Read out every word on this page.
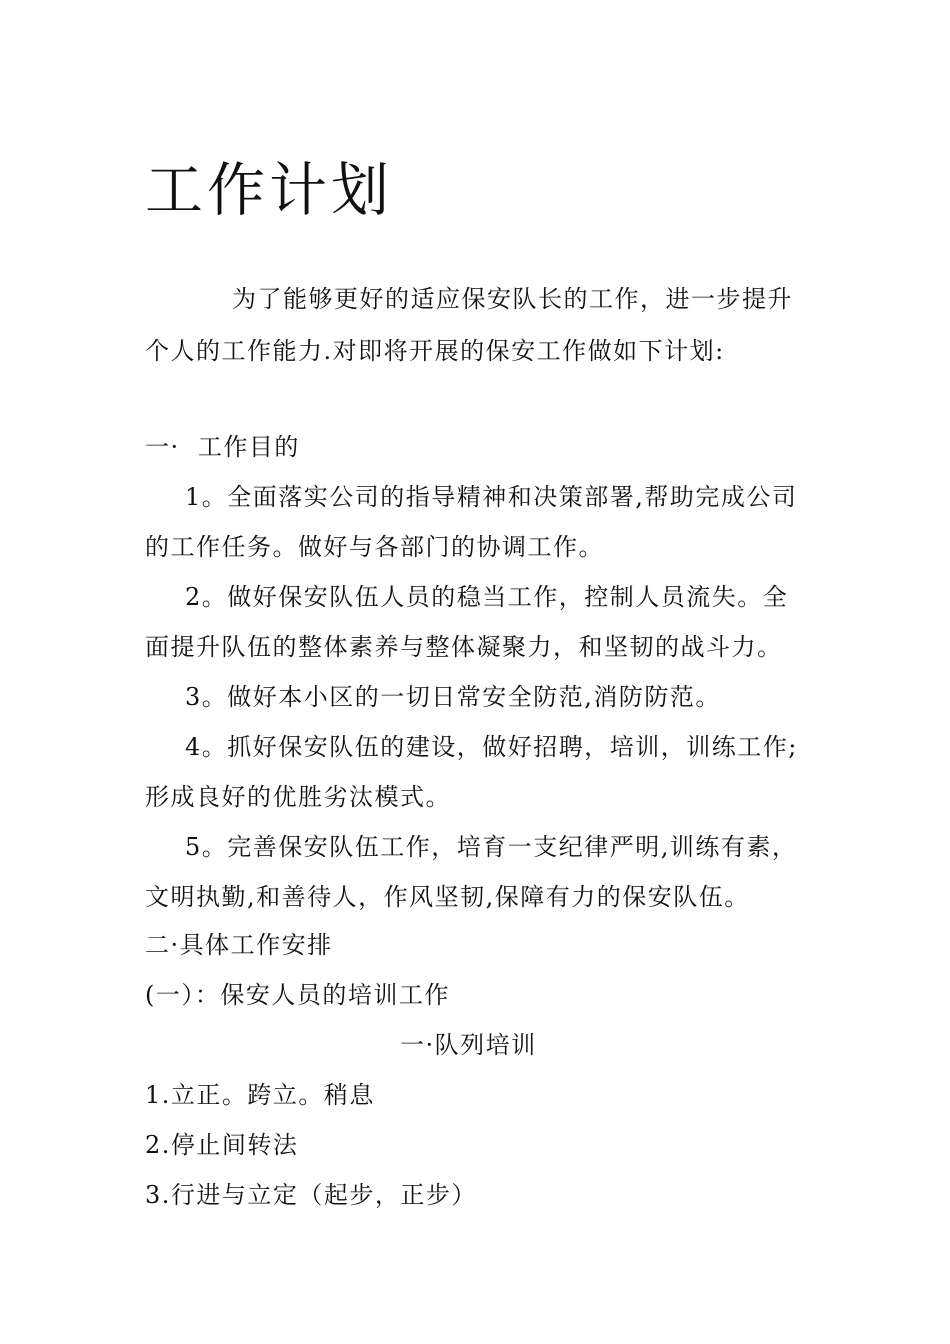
工作计划

为了能够更好的适应保安队长的工作，进一步提升

个人的工作能力.对即将开展的保安工作做如下计划:

一·  工作目的

1。全面落实公司的指导精神和决策部署,帮助完成公司

的工作任务。做好与各部门的协调工作。

2。做好保安队伍人员的稳当工作，控制人员流失。全

面提升队伍的整体素养与整体凝聚力，和坚韧的战斗力。

3。做好本小区的一切日常安全防范,消防防范。

4。抓好保安队伍的建设，做好招聘，培训，训练工作;

形成良好的优胜劣汰模式。

5。完善保安队伍工作，培育一支纪律严明,训练有素，

文明执勤,和善待人，作风坚韧,保障有力的保安队伍。

二·具体工作安排

(一）：保安人员的培训工作

一·队列培训

1.立正。跨立。稍息

2.停止间转法

3.行进与立定（起步，正步）
